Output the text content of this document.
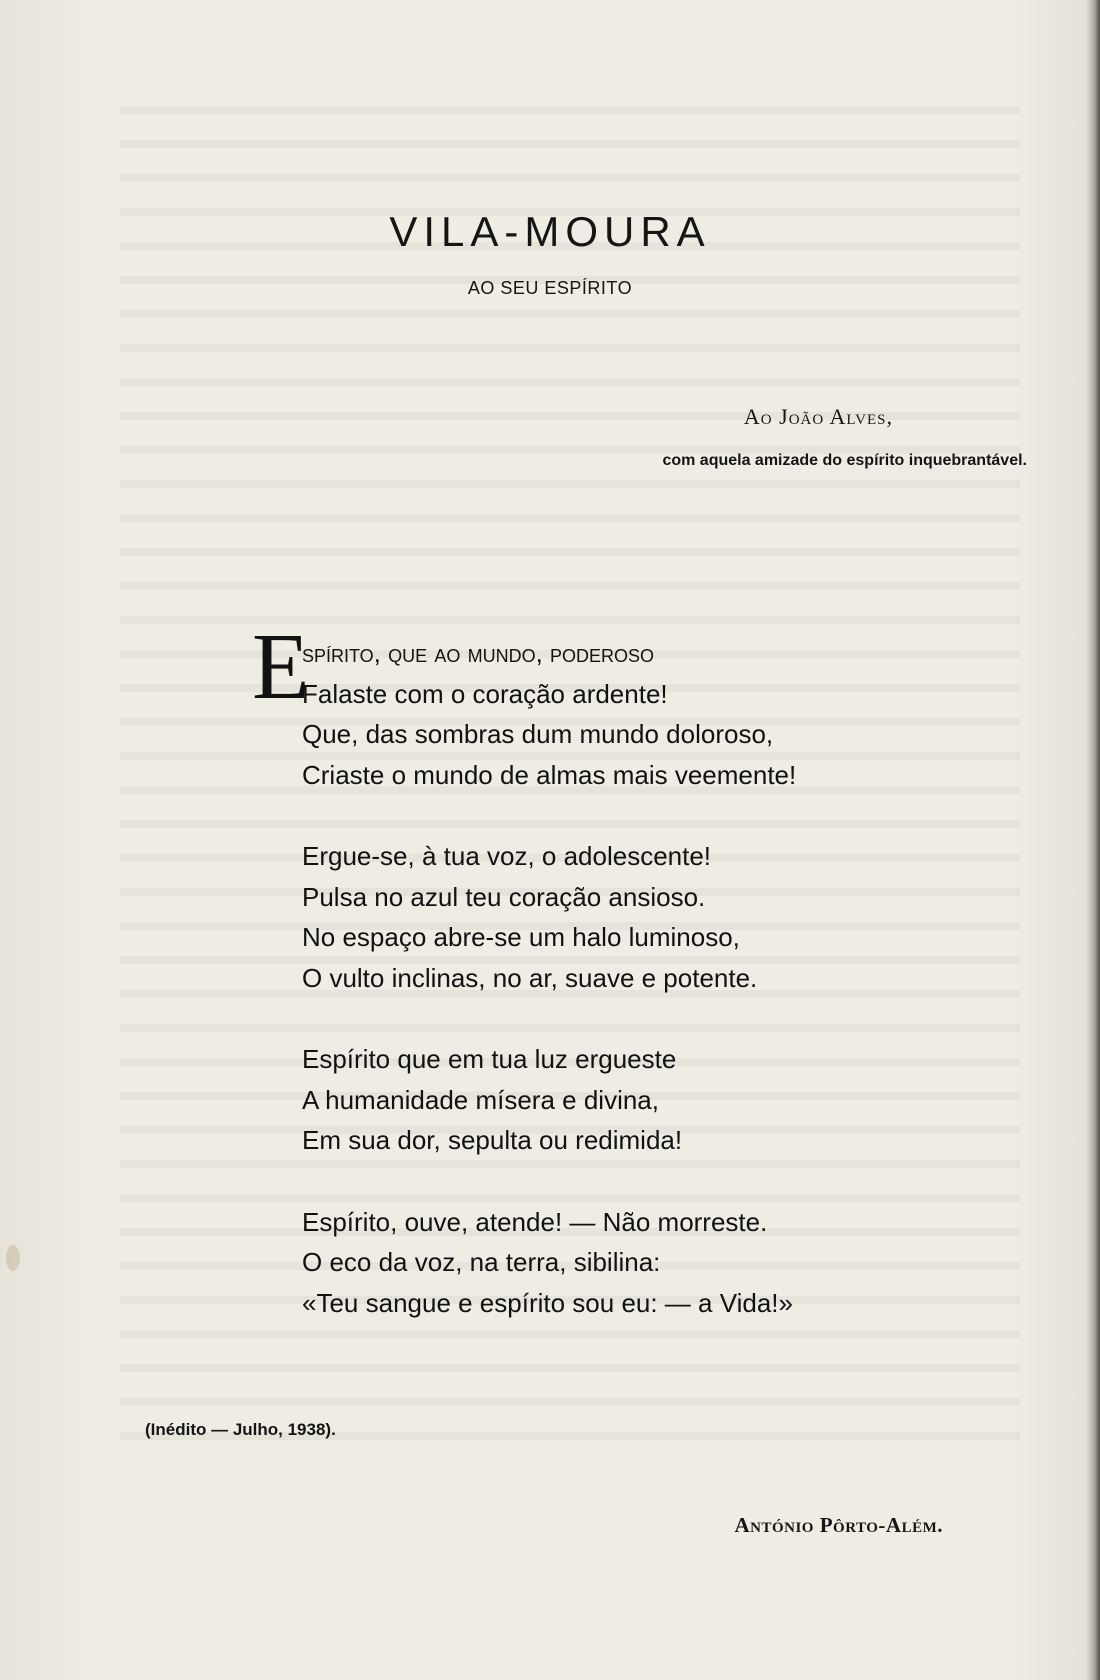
VILA-MOURA
AO SEU ESPÍRITO
Ao João Alves,
com aquela amizade do espírito inquebrantável.
E
spírito, que ao mundo, poderoso
Falaste com o coração ardente!
Que, das sombras dum mundo doloroso,
Criaste o mundo de almas mais veemente!
Ergue-se, à tua voz, o adolescente!
Pulsa no azul teu coração ansioso.
No espaço abre-se um halo luminoso,
O vulto inclinas, no ar, suave e potente.
Espírito que em tua luz ergueste
A humanidade mísera e divina,
Em sua dor, sepulta ou redimida!
Espírito, ouve, atende! — Não morreste.
O eco da voz, na terra, sibilina:
«Teu sangue e espírito sou eu: — a Vida!»
(Inédito — Julho, 1938).
António Pôrto-Além.
